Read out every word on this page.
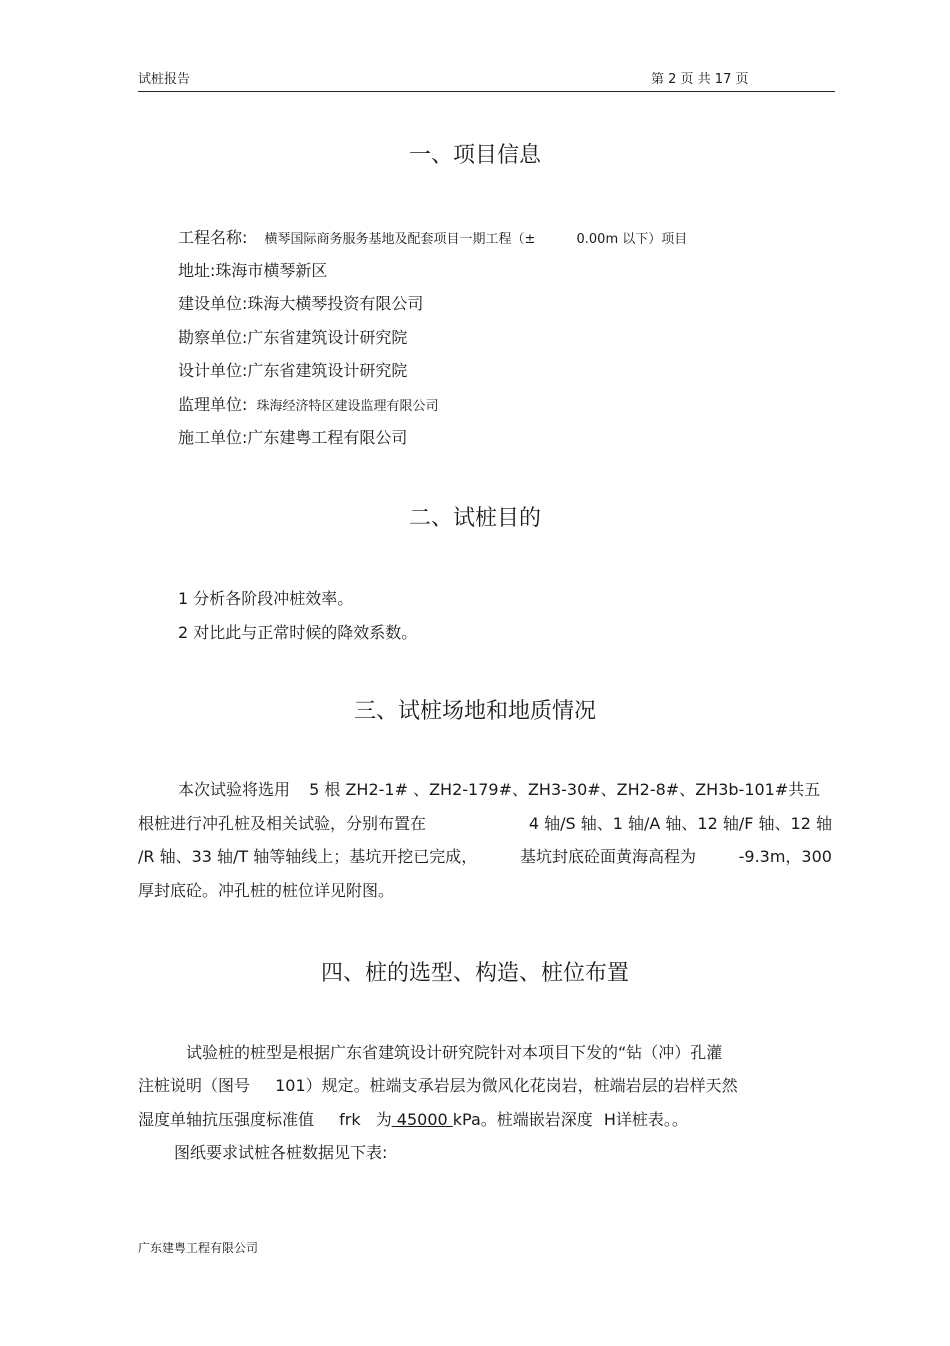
试桩报告	第 2 页 共 17 页
一、项目信息
工程名称: 横琴国际商务服务基地及配套项目一期工程（±	0.00m 以下）项目
地址:珠海市横琴新区
建设单位:珠海大横琴投资有限公司
勘察单位:广东省建筑设计研究院
设计单位:广东省建筑设计研究院
监理单位: 珠海经济特区建设监理有限公司
施工单位:广东建粤工程有限公司
二、试桩目的
1 分析各阶段冲桩效率。
2 对比此与正常时候的降效系数。
三、试桩场地和地质情况
本次试验将选用 5 根 ZH2-1# 、ZH2-179#、ZH3-30#、ZH2-8#、ZH3b-101#共五
根桩进行冲孔桩及相关试验，分别布置在	4 轴/S 轴、1 轴/A 轴、12 轴/F 轴、12 轴
/R 轴、33 轴/T 轴等轴线上；基坑开挖已完成，	基坑封底砼面黄海高程为	-9.3m，300
厚封底砼。冲孔桩的桩位详见附图。
四、桩的选型、构造、桩位布置
试验桩的桩型是根据广东省建筑设计研究院针对本项目下发的“钻（冲）孔灌
注桩说明（图号 101）规定。桩端支承岩层为微风化花岗岩，桩端岩层的岩样天然
湿度单轴抗压强度标准值 frk 为 45000 kPa。桩端嵌岩深度 H详桩表。。
图纸要求试桩各桩数据见下表:
广东建粤工程有限公司
